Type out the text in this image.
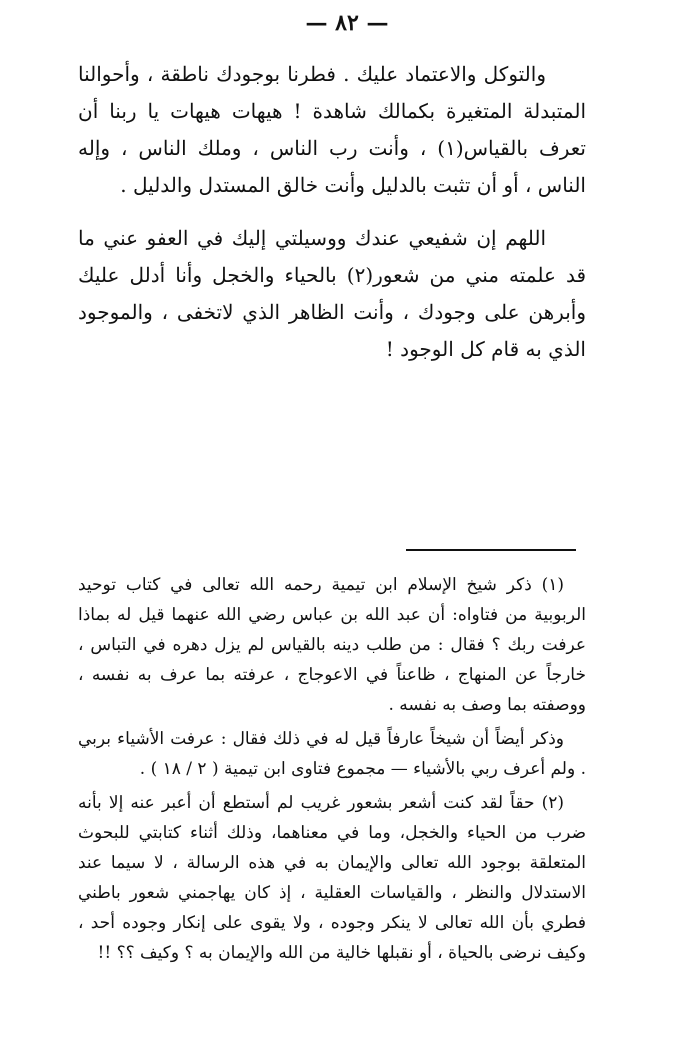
— ٨٢ —

والتوكل والاعتماد عليك . فطرنا بوجودك ناطقة ، وأحوالنا المتبدلة المتغيرة بكمالك شاهدة ! هيهات هيهات يا ربنا أن تعرف بالقياس(١) ، وأنت رب الناس ، وملك الناس ، وإله الناس ، أو أن تثبت بالدليل وأنت خالق المستدل والدليل .

اللهم إن شفيعي عندك ووسيلتي إليك في العفو عني ما قد علمته مني من شعور(٢) بالحياء والخجل وأنا أدلل عليك وأبرهن على وجودك ، وأنت الظاهر الذي لاتخفى ، والموجود الذي به قام كل الوجود !

(١) ذكر شيخ الإسلام ابن تيمية رحمه الله تعالى في كتاب توحيد الربوبية من فتاواه: أن عبد الله بن عباس رضي الله عنهما قيل له بماذا عرفت ربك ؟ فقال : من طلب دينه بالقياس لم يزل دهره في التباس ، خارجاً عن المنهاج ، ظاعناً في الاعوجاج ، عرفته بما عرف به نفسه ، ووصفته بما وصف به نفسه .

وذكر أيضاً أن شيخاً عارفاً قيل له في ذلك فقال : عرفت الأشياء بربي . ولم أعرف ربي بالأشياء — مجموع فتاوى ابن تيمية ( ٢ / ١٨ ) .

(٢) حقاً لقد كنت أشعر بشعور غريب لم أستطع أن أعبر عنه إلا بأنه ضرب من الحياء والخجل، وما في معناهما، وذلك أثناء كتابتي للبحوث المتعلقة بوجود الله تعالى والإيمان به في هذه الرسالة ، لا سيما عند الاستدلال والنظر ، والقياسات العقلية ، إذ كان يهاجمني شعور باطني فطري بأن الله تعالى لا ينكر وجوده ، ولا يقوى على إنكار وجوده أحد ، وكيف نرضى بالحياة ، أو نقبلها خالية من الله والإيمان به ؟ وكيف ؟؟ !!
